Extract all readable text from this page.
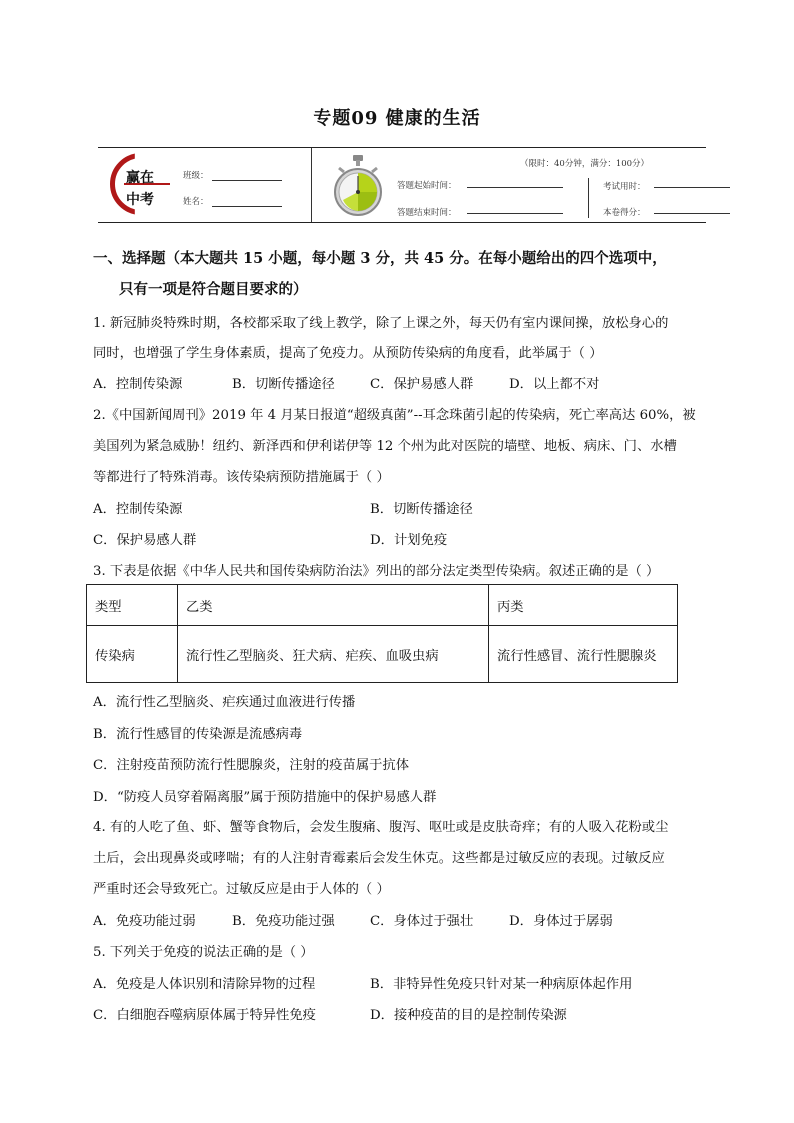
专题09 健康的生活
赢在
中考
班级：
姓名：
（限时：40分钟，满分：100分）
答题起始时间：
答题结束时间：
考试用时：
本卷得分：
一、选择题（本大题共 15 小题，每小题 3 分，共 45 分。在每小题给出的四个选项中，
只有一项是符合题目要求的）
1. 新冠肺炎特殊时期，各校都采取了线上教学，除了上课之外，每天仍有室内课间操，放松身心的
同时，也增强了学生身体素质，提高了免疫力。从预防传染病的角度看，此举属于（ ）
A．控制传染源	B．切断传播途径	C．保护易感人群	D．以上都不对
2.《中国新闻周刊》2019 年 4 月某日报道“超级真菌”--耳念珠菌引起的传染病，死亡率高达 60%，被
美国列为紧急威胁！纽约、新泽西和伊利诺伊等 12 个州为此对医院的墙壁、地板、病床、门、水槽
等都进行了特殊消毒。该传染病预防措施属于（ ）
A．控制传染源	B．切断传播途径
C．保护易感人群	D．计划免疫
3. 下表是依据《中华人民共和国传染病防治法》列出的部分法定类型传染病。叙述正确的是（ ）
类型	乙类	丙类
传染病	流行性乙型脑炎、狂犬病、疟疾、血吸虫病	流行性感冒、流行性腮腺炎
A．流行性乙型脑炎、疟疾通过血液进行传播
B．流行性感冒的传染源是流感病毒
C．注射疫苗预防流行性腮腺炎，注射的疫苗属于抗体
D．“防疫人员穿着隔离服”属于预防措施中的保护易感人群
4. 有的人吃了鱼、虾、蟹等食物后，会发生腹痛、腹泻、呕吐或是皮肤奇痒；有的人吸入花粉或尘
土后，会出现鼻炎或哮喘；有的人注射青霉素后会发生休克。这些都是过敏反应的表现。过敏反应
严重时还会导致死亡。过敏反应是由于人体的（ ）
A．免疫功能过弱	B．免疫功能过强	C．身体过于强壮	D．身体过于孱弱
5. 下列关于免疫的说法正确的是（ ）
A．免疫是人体识别和清除异物的过程	B．非特异性免疫只针对某一种病原体起作用
C．白细胞吞噬病原体属于特异性免疫	D．接种疫苗的目的是控制传染源
